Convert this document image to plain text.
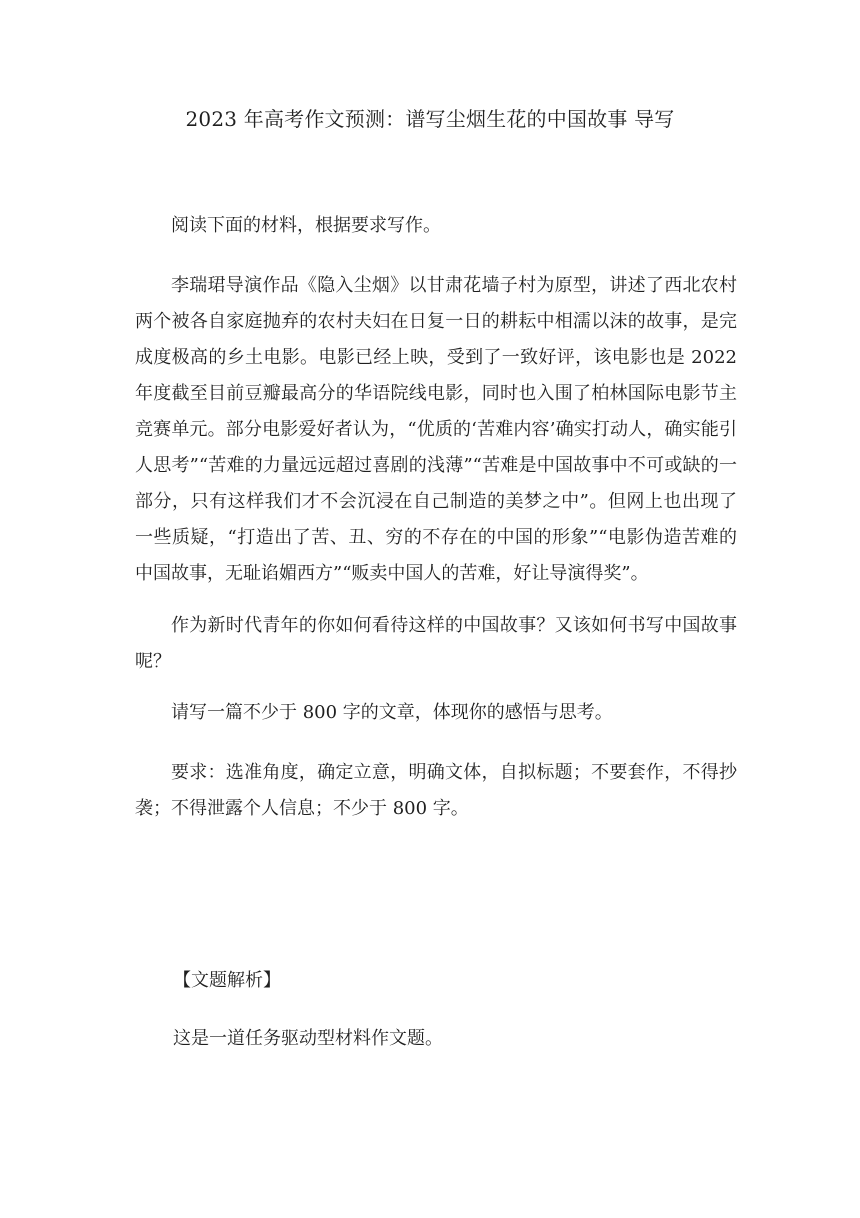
2023 年高考作文预测：谱写尘烟生花的中国故事 导写

阅读下面的材料，根据要求写作。

李瑞珺导演作品《隐入尘烟》以甘肃花墙子村为原型，讲述了西北农村两个被各自家庭抛弃的农村夫妇在日复一日的耕耘中相濡以沫的故事，是完成度极高的乡土电影。电影已经上映，受到了一致好评，该电影也是 2022 年度截至目前豆瓣最高分的华语院线电影，同时也入围了柏林国际电影节主竞赛单元。部分电影爱好者认为，“优质的‘苦难内容’确实打动人，确实能引人思考”“苦难的力量远远超过喜剧的浅薄”“苦难是中国故事中不可或缺的一部分，只有这样我们才不会沉浸在自己制造的美梦之中”。但网上也出现了一些质疑，“打造出了苦、丑、穷的不存在的中国的形象”“电影伪造苦难的中国故事，无耻谄媚西方”“贩卖中国人的苦难，好让导演得奖”。

作为新时代青年的你如何看待这样的中国故事？又该如何书写中国故事呢？

请写一篇不少于 800 字的文章，体现你的感悟与思考。

要求：选准角度，确定立意，明确文体，自拟标题；不要套作，不得抄袭；不得泄露个人信息；不少于 800 字。

【文题解析】
这是一道任务驱动型材料作文题。
